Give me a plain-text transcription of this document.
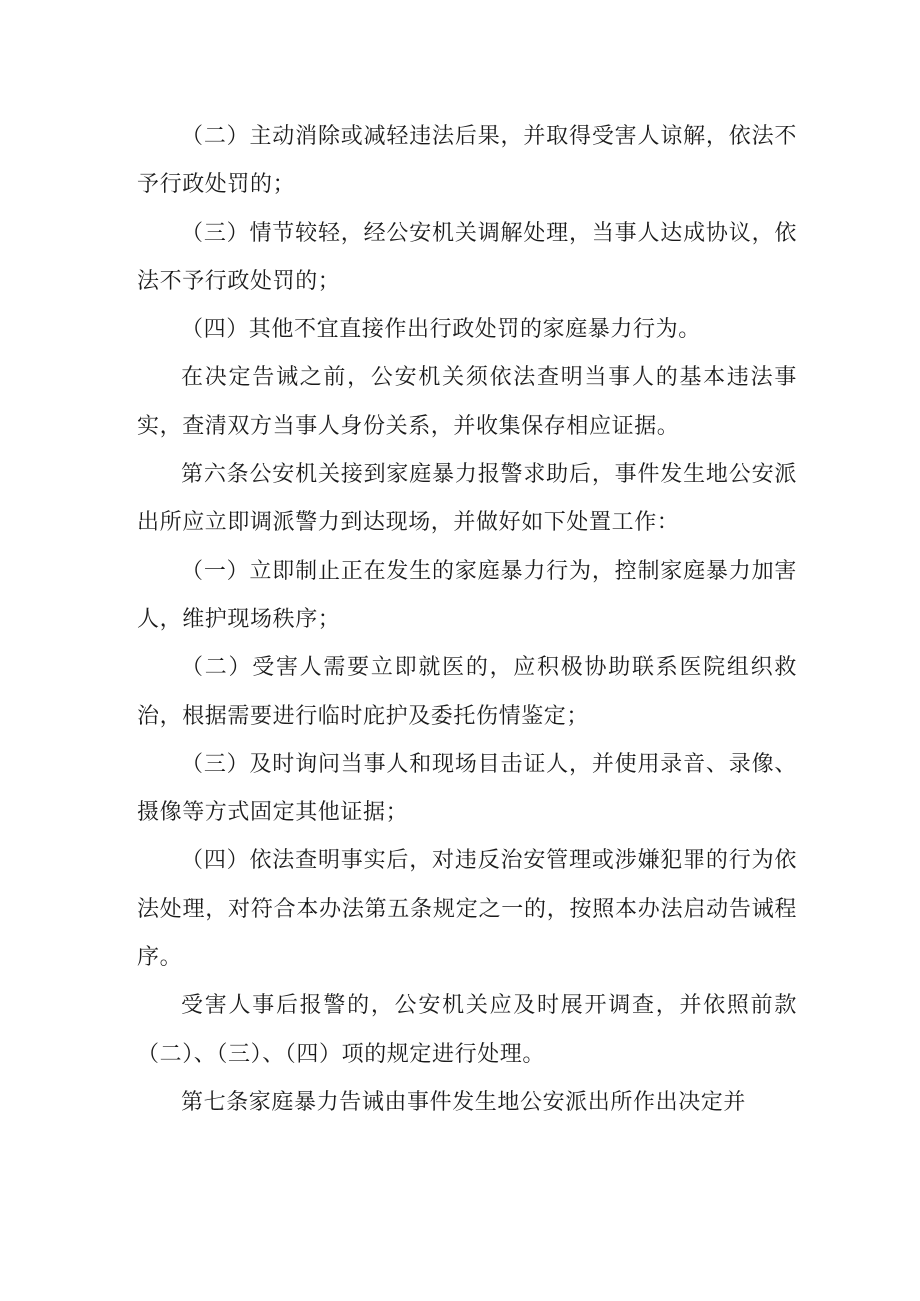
（二）主动消除或减轻违法后果，并取得受害人谅解，依法不予行政处罚的；

（三）情节较轻，经公安机关调解处理，当事人达成协议，依法不予行政处罚的；

（四）其他不宜直接作出行政处罚的家庭暴力行为。

在决定告诫之前，公安机关须依法查明当事人的基本违法事实，查清双方当事人身份关系，并收集保存相应证据。

第六条公安机关接到家庭暴力报警求助后，事件发生地公安派出所应立即调派警力到达现场，并做好如下处置工作：

（一）立即制止正在发生的家庭暴力行为，控制家庭暴力加害人，维护现场秩序；

（二）受害人需要立即就医的，应积极协助联系医院组织救治，根据需要进行临时庇护及委托伤情鉴定；

（三）及时询问当事人和现场目击证人，并使用录音、录像、摄像等方式固定其他证据；

（四）依法查明事实后，对违反治安管理或涉嫌犯罪的行为依法处理，对符合本办法第五条规定之一的，按照本办法启动告诫程序。

受害人事后报警的，公安机关应及时展开调查，并依照前款（二）、（三）、（四）项的规定进行处理。

第七条家庭暴力告诫由事件发生地公安派出所作出决定并
